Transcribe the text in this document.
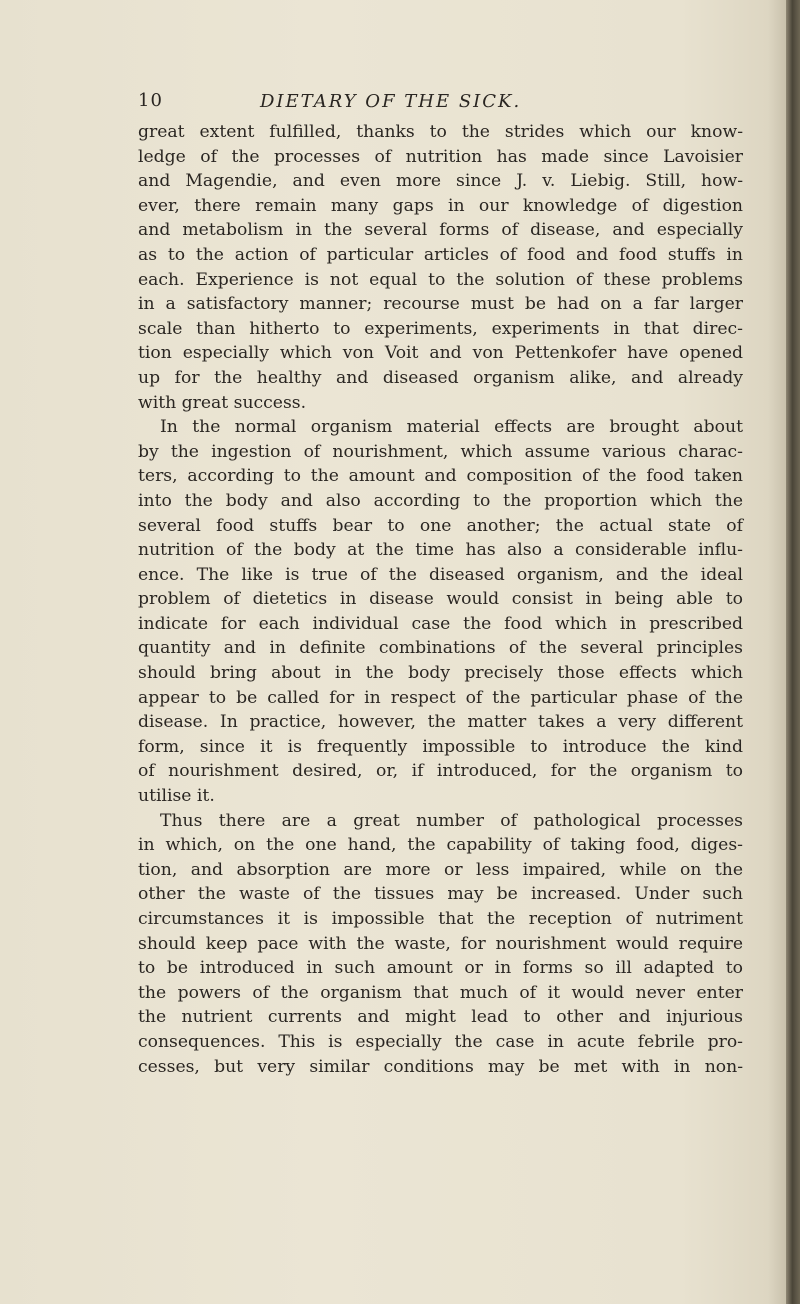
10	DIETARY OF THE SICK.
great extent fulfilled, thanks to the strides which our know-
ledge of the processes of nutrition has made since Lavoisier
and Magendie, and even more since J. v. Liebig. Still, how-
ever, there remain many gaps in our knowledge of digestion
and metabolism in the several forms of disease, and especially
as to the action of particular articles of food and food stuffs in
each. Experience is not equal to the solution of these problems
in a satisfactory manner; recourse must be had on a far larger
scale than hitherto to experiments, experiments in that direc-
tion especially which von Voit and von Pettenkofer have opened
up for the healthy and diseased organism alike, and already
with great success.
In the normal organism material effects are brought about
by the ingestion of nourishment, which assume various charac-
ters, according to the amount and composition of the food taken
into the body and also according to the proportion which the
several food stuffs bear to one another; the actual state of
nutrition of the body at the time has also a considerable influ-
ence. The like is true of the diseased organism, and the ideal
problem of dietetics in disease would consist in being able to
indicate for each individual case the food which in prescribed
quantity and in definite combinations of the several principles
should bring about in the body precisely those effects which
appear to be called for in respect of the particular phase of the
disease. In practice, however, the matter takes a very different
form, since it is frequently impossible to introduce the kind
of nourishment desired, or, if introduced, for the organism to
utilise it.
Thus there are a great number of pathological processes
in which, on the one hand, the capability of taking food, diges-
tion, and absorption are more or less impaired, while on the
other the waste of the tissues may be increased. Under such
circumstances it is impossible that the reception of nutriment
should keep pace with the waste, for nourishment would require
to be introduced in such amount or in forms so ill adapted to
the powers of the organism that much of it would never enter
the nutrient currents and might lead to other and injurious
consequences. This is especially the case in acute febrile pro-
cesses, but very similar conditions may be met with in non-
